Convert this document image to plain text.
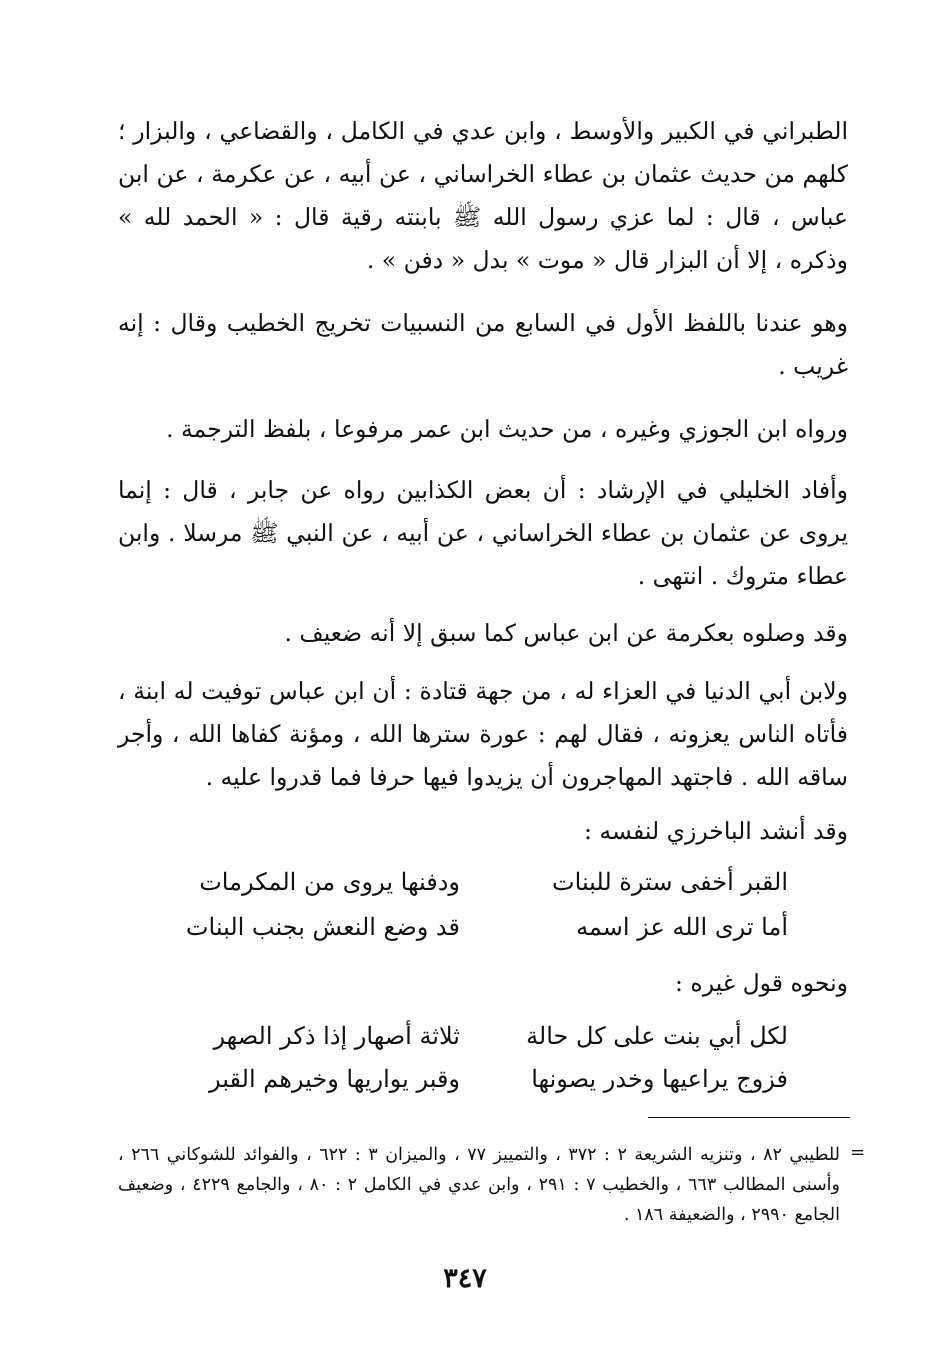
الطبراني في الكبير والأوسط ، وابن عدي في الكامل ، والقضاعي ، والبزار ؛ كلهم من حديث عثمان بن عطاء الخراساني ، عن أبيه ، عن عكرمة ، عن ابن عباس ، قال : لما عزي رسول الله ﷺ بابنته رقية قال : « الحمد لله » وذكره ، إلا أن البزار قال « موت » بدل « دفن » .

وهو عندنا باللفظ الأول في السابع من النسبيات تخريج الخطيب وقال : إنه غريب .

ورواه ابن الجوزي وغيره ، من حديث ابن عمر مرفوعا ، بلفظ الترجمة .

وأفاد الخليلي في الإرشاد : أن بعض الكذابين رواه عن جابر ، قال : إنما يروى عن عثمان بن عطاء الخراساني ، عن أبيه ، عن النبي ﷺ مرسلا . وابن عطاء متروك . انتهى .

وقد وصلوه بعكرمة عن ابن عباس كما سبق إلا أنه ضعيف .

ولابن أبي الدنيا في العزاء له ، من جهة قتادة : أن ابن عباس توفيت له ابنة ، فأتاه الناس يعزونه ، فقال لهم : عورة سترها الله ، ومؤنة كفاها الله ، وأجر ساقه الله . فاجتهد المهاجرون أن يزيدوا فيها حرفا فما قدروا عليه .

وقد أنشد الباخرزي لنفسه :

القبر أخفى سترة للبنات
ودفنها يروى من المكرمات
أما ترى الله عز اسمه
قد وضع النعش بجنب البنات

ونحوه قول غيره :

لكل أبي بنت على كل حالة
ثلاثة أصهار إذا ذكر الصهر
فزوج يراعيها وخدر يصونها
وقبر يواريها وخيرهم القبر
=

للطيبي ٨٢ ، وتنزيه الشريعة ٢ : ٣٧٢ ، والتمييز ٧٧ ، والميزان ٣ : ٦٢٢ ، والفوائد للشوكاني ٢٦٦ ، وأسنى المطالب ٦٦٣ ، والخطيب ٧ : ٢٩١ ، وابن عدي في الكامل ٢ : ٨٠ ، والجامع ٤٢٢٩ ، وضعيف الجامع ٢٩٩٠ ، والضعيفة ١٨٦ .

٣٤٧
